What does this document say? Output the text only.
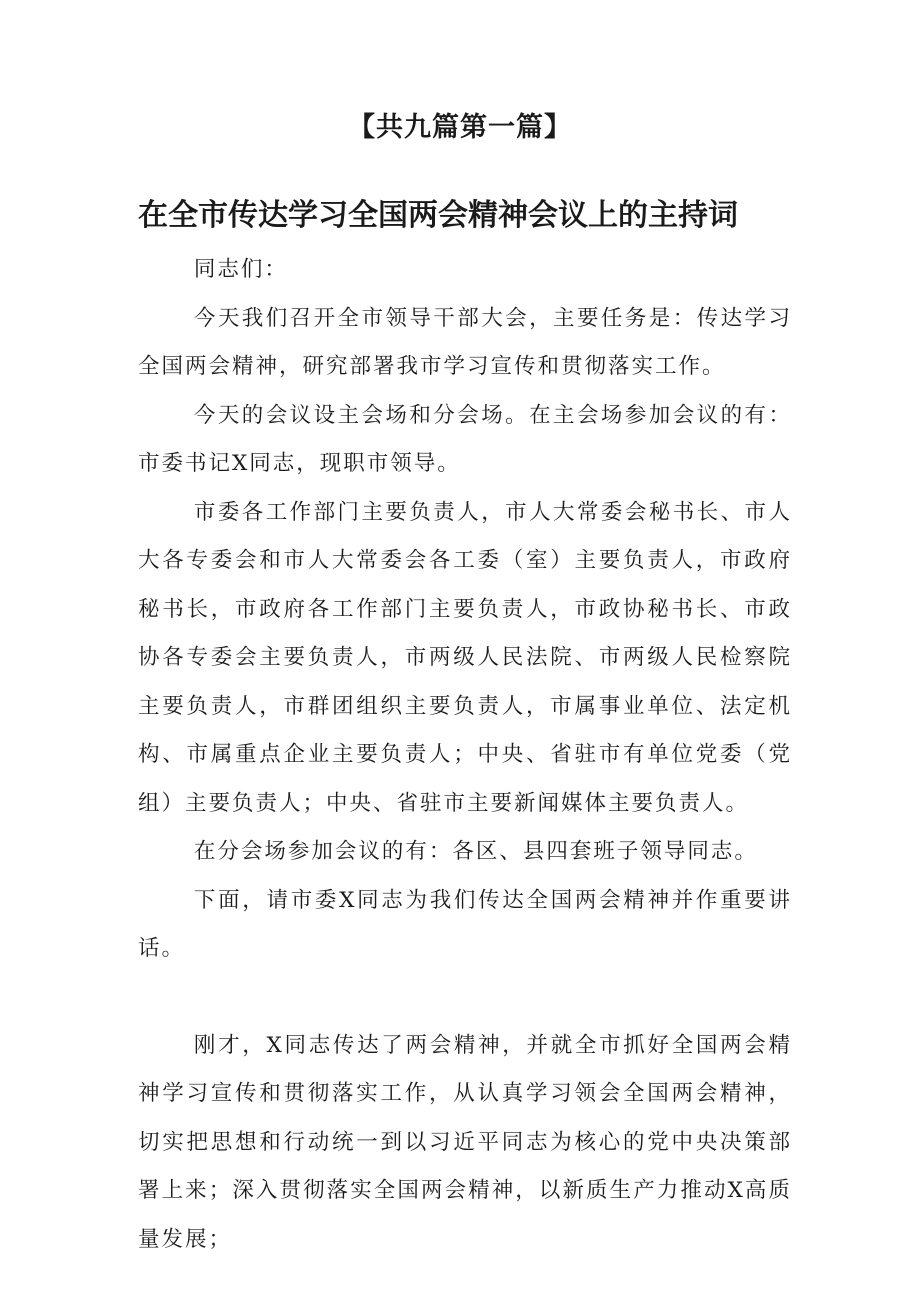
【共九篇第一篇】
在全市传达学习全国两会精神会议上的主持词

同志们：

今天我们召开全市领导干部大会，主要任务是：传达学习全国两会精神，研究部署我市学习宣传和贯彻落实工作。

今天的会议设主会场和分会场。在主会场参加会议的有：市委书记X同志，现职市领导。

市委各工作部门主要负责人，市人大常委会秘书长、市人大各专委会和市人大常委会各工委（室）主要负责人，市政府秘书长，市政府各工作部门主要负责人，市政协秘书长、市政协各专委会主要负责人，市两级人民法院、市两级人民检察院主要负责人，市群团组织主要负责人，市属事业单位、法定机构、市属重点企业主要负责人；中央、省驻市有单位党委（党组）主要负责人；中央、省驻市主要新闻媒体主要负责人。

在分会场参加会议的有：各区、县四套班子领导同志。

下面，请市委X同志为我们传达全国两会精神并作重要讲话。

刚才，X同志传达了两会精神，并就全市抓好全国两会精神学习宣传和贯彻落实工作，从认真学习领会全国两会精神，切实把思想和行动统一到以习近平同志为核心的党中央决策部署上来；深入贯彻落实全国两会精神，以新质生产力推动X高质量发展；
